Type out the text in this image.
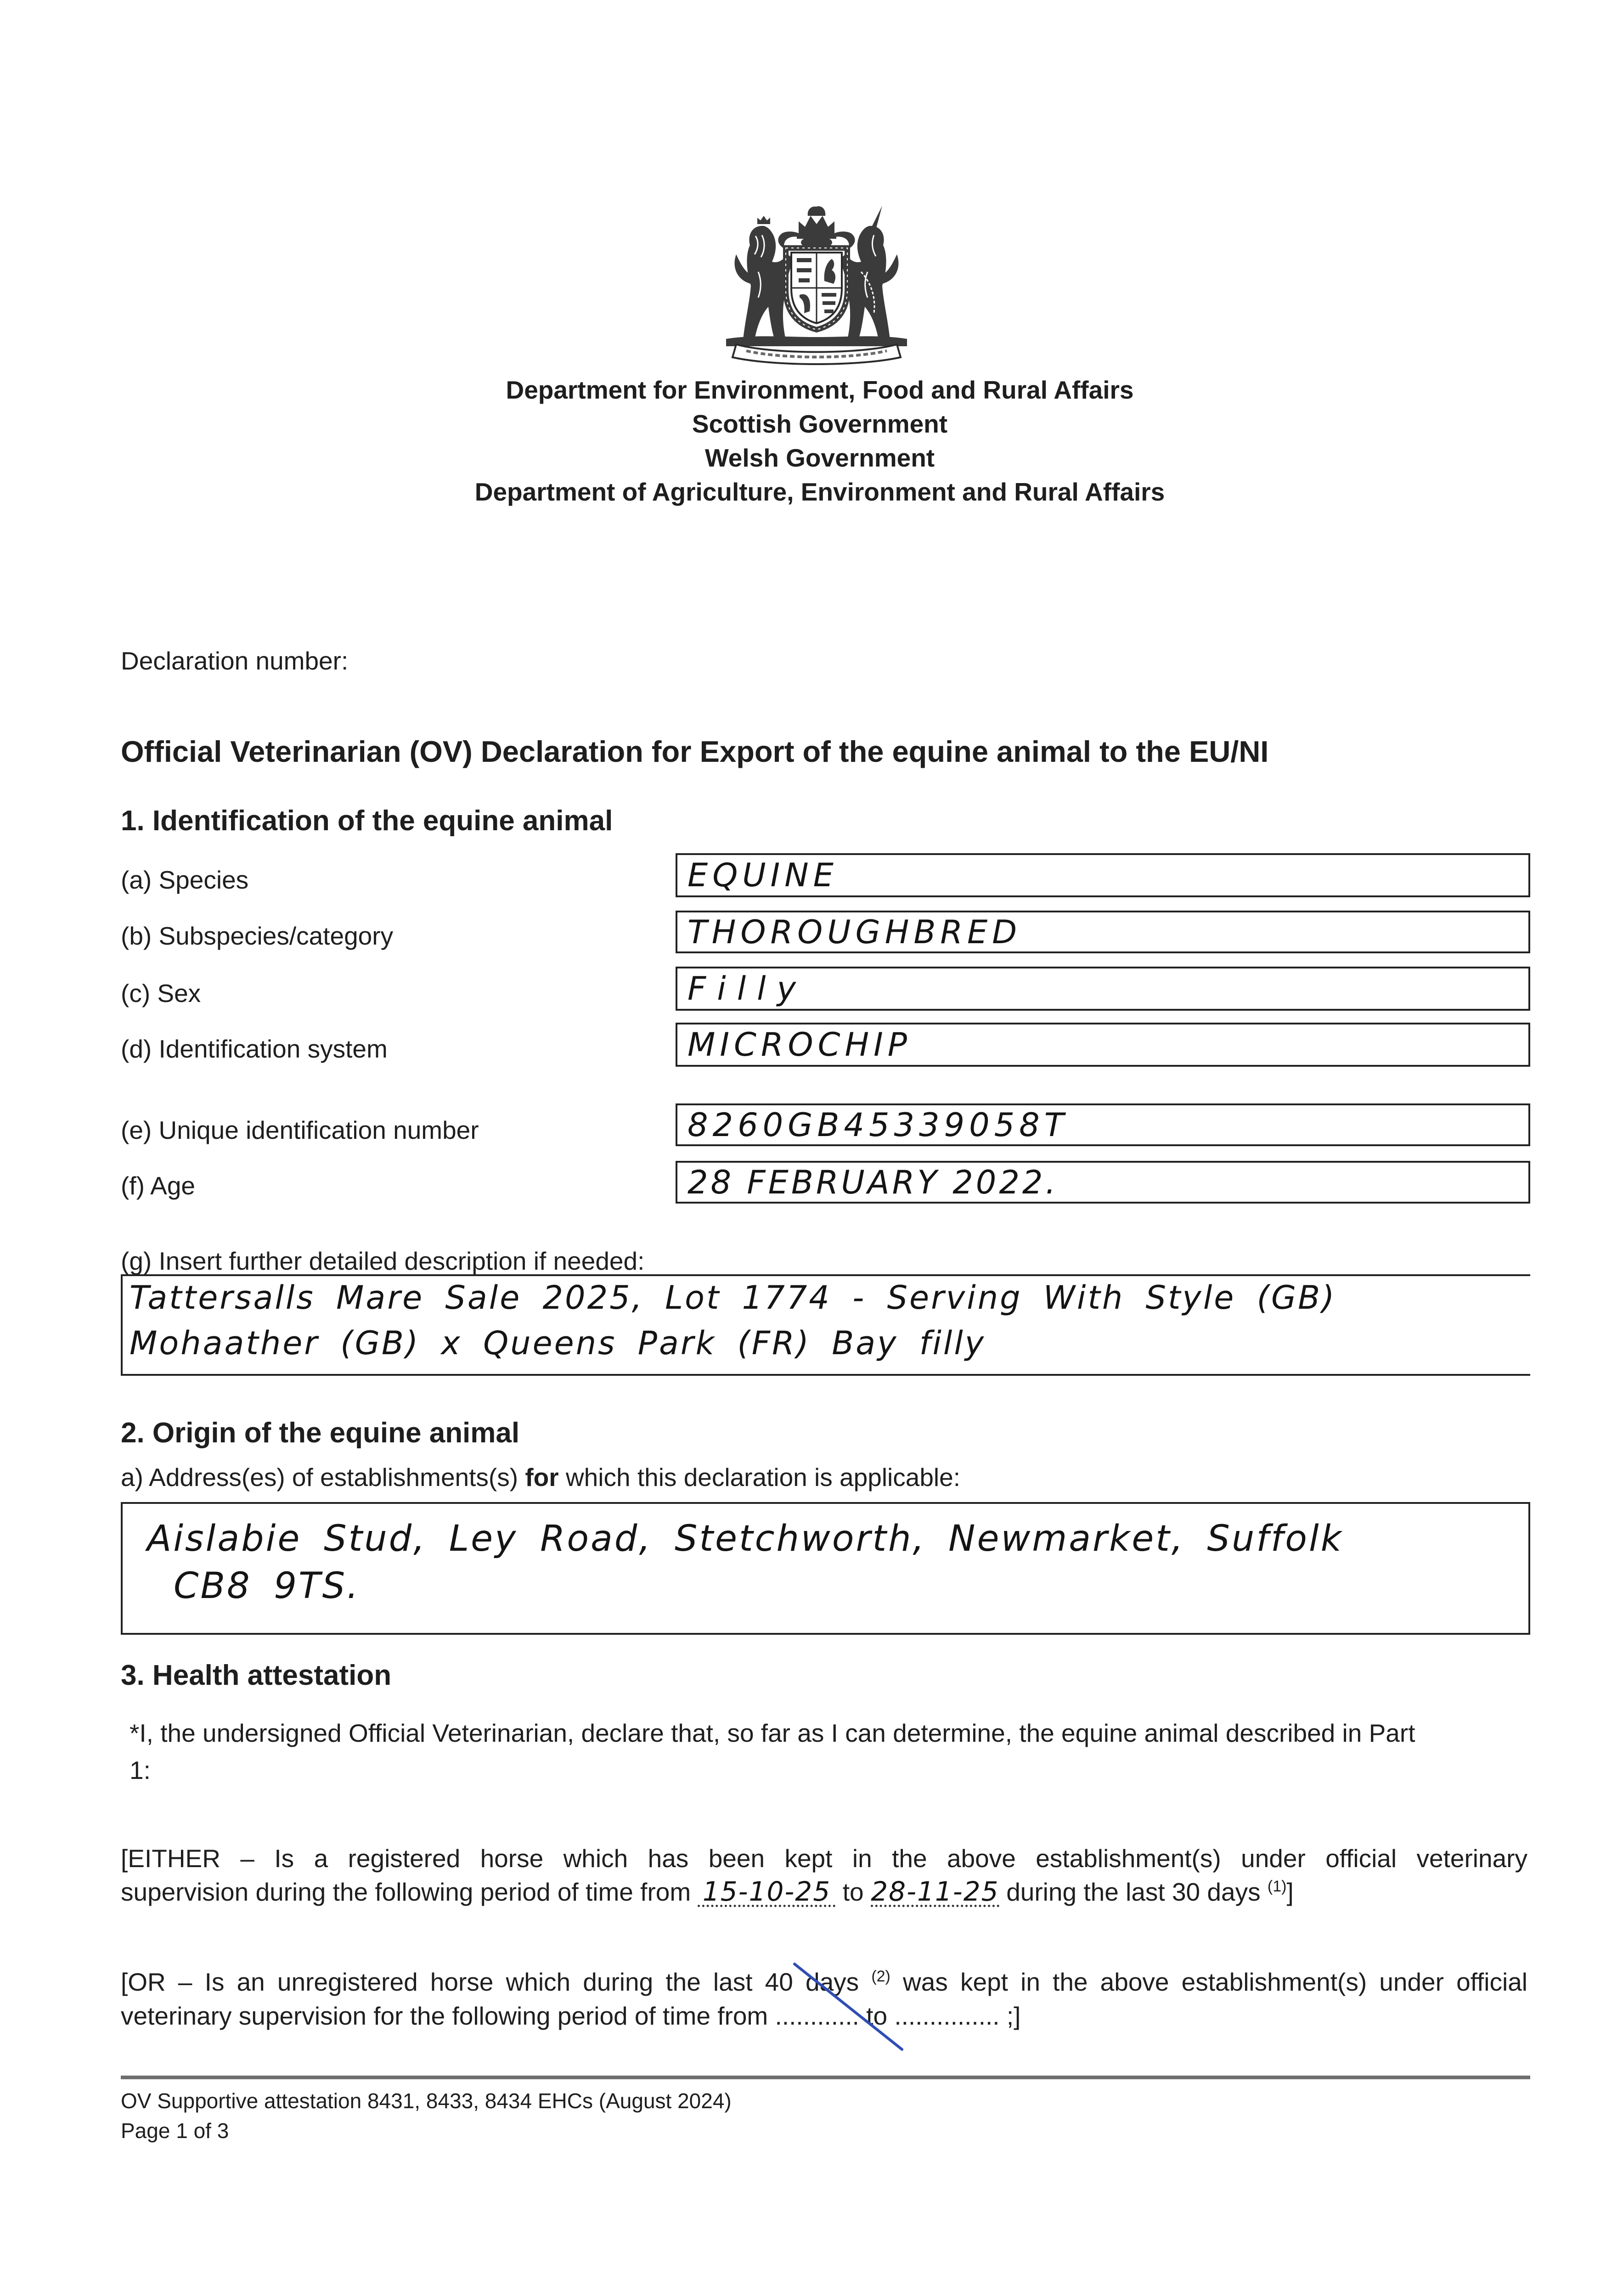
Department for Environment, Food and Rural Affairs
Scottish Government
Welsh Government
Department of Agriculture, Environment and Rural Affairs
Declaration number:
Official Veterinarian (OV) Declaration for Export of the equine animal to the EU/NI
1. Identification of the equine animal
(a) Species	EQUINE
(b) Subspecies/category	THOROUGHBRED
(c) Sex	Filly
(d) Identification system	MICROCHIP
(e) Unique identification number	8260GB45339058T
(f) Age	28 FEBRUARY 2022.
(g) Insert further detailed description if needed:
Tattersalls Mare Sale 2025, Lot 1774 - Serving With Style (GB)
Mohaather (GB) x Queens Park (FR) Bay filly
2. Origin of the equine animal
a) Address(es) of establishments(s) for which this declaration is applicable:
Aislabie Stud, Ley Road, Stetchworth, Newmarket, Suffolk
CB8 9TS.
3. Health attestation
*I, the undersigned Official Veterinarian, declare that, so far as I can determine, the equine animal described in Part
1:
[EITHER – Is a registered horse which has been kept in the above establishment(s) under official veterinary
supervision during the following period of time from 15-10-25 to 28-11-25 during the last 30 days $^{(1)}$]
[OR – Is an unregistered horse which during the last 40 days $^{(2)}$ was kept in the above establishment(s) under official
veterinary supervision for the following period of time from ............ to ............... ;]
OV Supportive attestation 8431, 8433, 8434 EHCs (August 2024)
Page 1 of 3
